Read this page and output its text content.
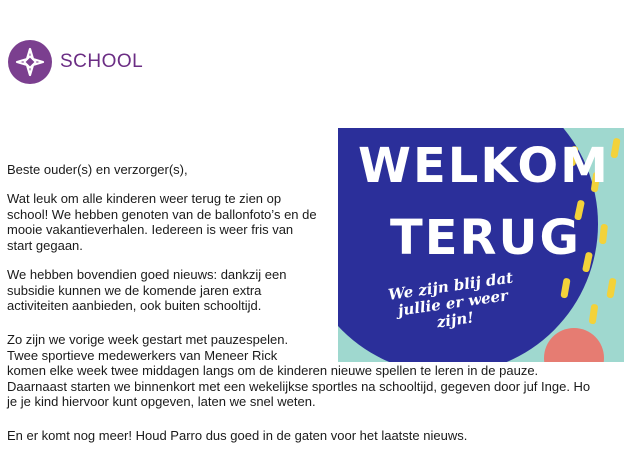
SCHOOL
WELKOM
TERUG
We zijn blij dat jullie er weer zijn!

Beste ouder(s) en verzorger(s),

Wat leuk om alle kinderen weer terug te zien op

school! We hebben genoten van de ballonfoto’s en de

mooie vakantieverhalen. Iedereen is weer fris van

start gegaan.

We hebben bovendien goed nieuws: dankzij een

subsidie kunnen we de komende jaren extra

activiteiten aanbieden, ook buiten schooltijd.

Zo zijn we vorige week gestart met pauzespelen.

Twee sportieve medewerkers van Meneer Rick

komen elke week twee middagen langs om de kinderen nieuwe spellen te leren in de pauze.

Daarnaast starten we binnenkort met een wekelijkse sportles na schooltijd, gegeven door juf Inge. Ho

je je kind hiervoor kunt opgeven, laten we snel weten.

En er komt nog meer! Houd Parro dus goed in de gaten voor het laatste nieuws.
